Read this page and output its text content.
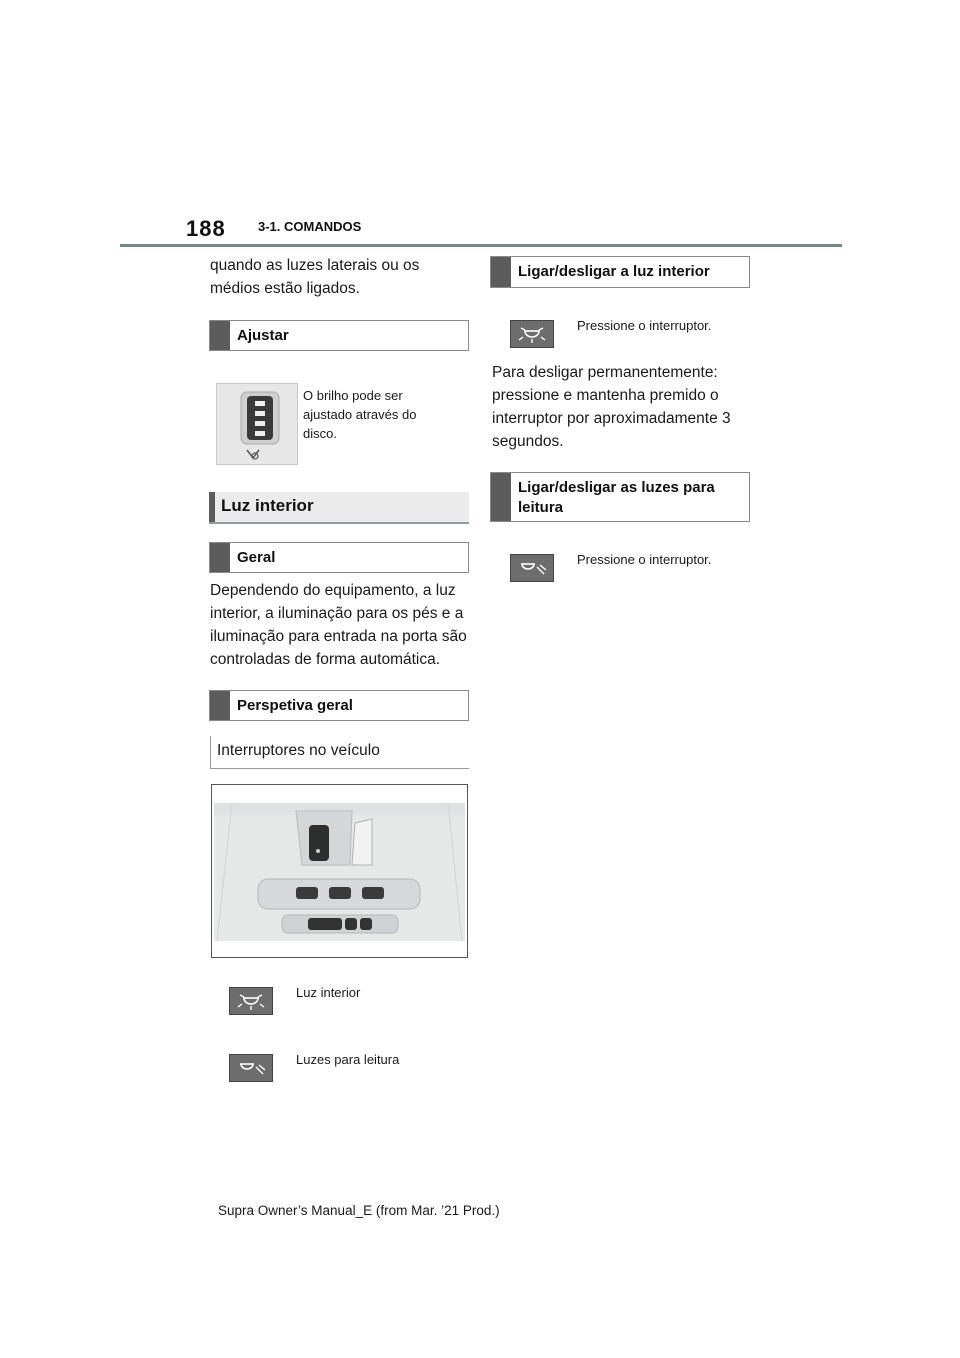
188 3-1. COMANDOS
quando as luzes laterais ou os médios estão ligados.
Ajustar
O brilho pode ser ajustado através do disco.
Luz interior
Geral
Dependendo do equipamento, a luz interior, a iluminação para os pés e a iluminação para entrada na porta são controladas de forma automática.
Perspetiva geral
Interruptores no veículo
Luz interior
Luzes para leitura
Ligar/desligar a luz interior
Pressione o interruptor.
Para desligar permanentemente: pressione e mantenha premido o interruptor por aproximadamente 3 segundos.
Ligar/desligar as luzes para leitura
Pressione o interruptor.
Supra Owner’s Manual_E (from Mar. ’21 Prod.)
